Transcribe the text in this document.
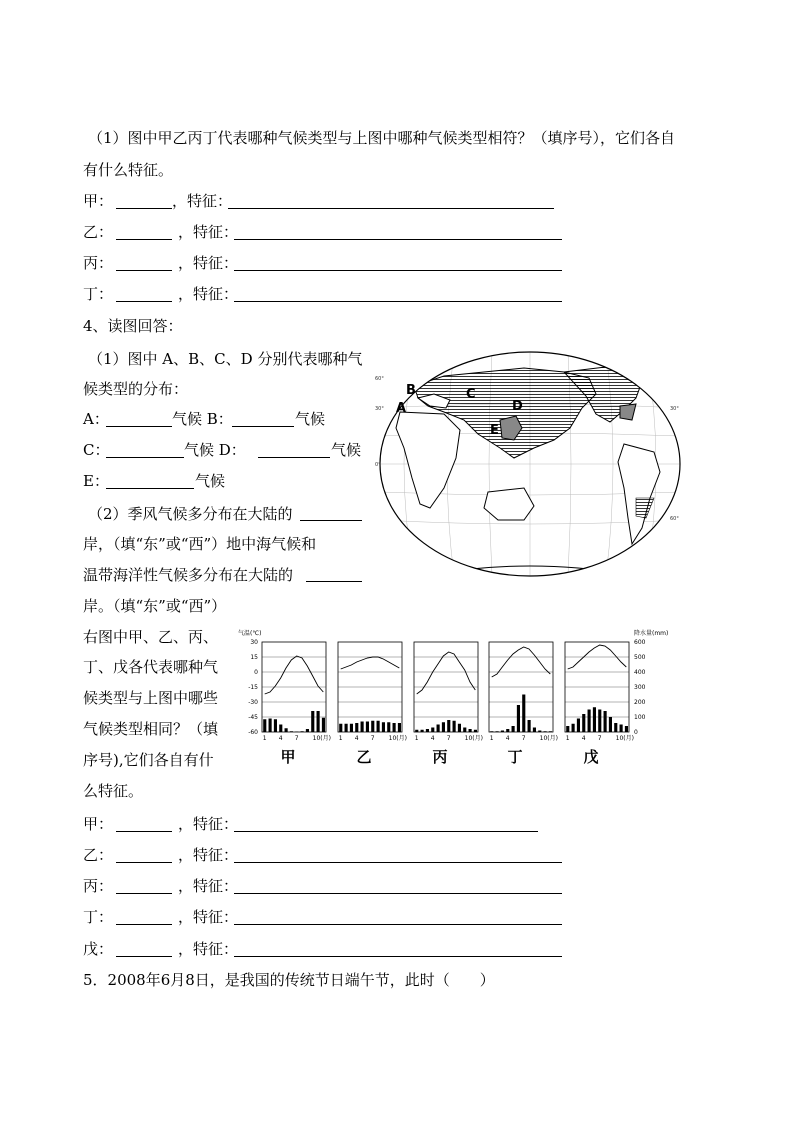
（1）图中甲乙丙丁代表哪种气候类型与上图中哪种气候类型相符？（填序号），它们各自
有什么特征。
甲：	，特征：
乙：	，特征：
丙：	，特征：
丁：	，特征：
4、读图回答：
（1）图中 A、B、C、D 分别代表哪种气
候类型的分布：
A：	气候 B：	气候
C：	气候 D：	气候
E：	气候
（2）季风气候多分布在大陆的
岸，（填“东”或“西”）地中海气候和
温带海洋性气候多分布在大陆的
岸。（填“东”或“西”）
右图中甲、乙、丙、
丁、戊各代表哪种气
候类型与上图中哪些
气候类型相同？（填
序号),它们各自有什
么特征。
甲：	，特征：
乙：	，特征：
丙：	，特征：
丁：	，特征：
戊：	，特征：
5．2008年6月8日，是我国的传统节日端午节，此时（　　）
A
B	C
D
E
60°
30°
0°
30°
60°
气温(℃)	降水量(mm)
30
15
0
-15
-30
-45
-60
600
500
400
300
200
100
0
1 4 7 10(月)
甲
1 4 7 10(月)
乙
1 4 7 10(月)
丙
1 4 7 10(月)
丁
1 4 7 10(月)
戊
